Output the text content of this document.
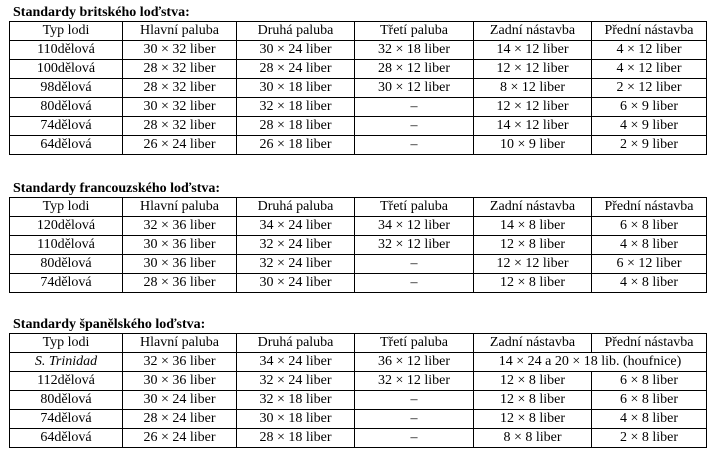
Standardy britského loďstva:
Typ lodi	Hlavní paluba	Druhá paluba	Třetí paluba	Zadní nástavba	Přední nástavba
110dělová	30 × 32 liber	30 × 24 liber	32 × 18 liber	14 × 12 liber	4 × 12 liber
100dělová	28 × 32 liber	28 × 24 liber	28 × 12 liber	12 × 12 liber	4 × 12 liber
98dělová	28 × 32 liber	30 × 18 liber	30 × 12 liber	8 × 12 liber	2 × 12 liber
80dělová	30 × 32 liber	32 × 18 liber	–	12 × 12 liber	6 × 9 liber
74dělová	28 × 32 liber	28 × 18 liber	–	14 × 12 liber	4 × 9 liber
64dělová	26 × 24 liber	26 × 18 liber	–	10 × 9 liber	2 × 9 liber
Standardy francouzského loďstva:
Typ lodi	Hlavní paluba	Druhá paluba	Třetí paluba	Zadní nástavba	Přední nástavba
120dělová	32 × 36 liber	34 × 24 liber	34 × 12 liber	14 × 8 liber	6 × 8 liber
110dělová	30 × 36 liber	32 × 24 liber	32 × 12 liber	12 × 8 liber	4 × 8 liber
80dělová	30 × 36 liber	32 × 24 liber	–	12 × 12 liber	6 × 12 liber
74dělová	28 × 36 liber	30 × 24 liber	–	12 × 8 liber	4 × 8 liber
Standardy španělského loďstva:
Typ lodi	Hlavní paluba	Druhá paluba	Třetí paluba	Zadní nástavba	Přední nástavba
S. Trinidad	32 × 36 liber	34 × 24 liber	36 × 12 liber	14 × 24 a 20 × 18 lib. (houfnice)	
112dělová	30 × 36 liber	32 × 24 liber	32 × 12 liber	12 × 8 liber	6 × 8 liber
80dělová	30 × 24 liber	32 × 18 liber	–	12 × 8 liber	6 × 8 liber
74dělová	28 × 24 liber	30 × 18 liber	–	12 × 8 liber	4 × 8 liber
64dělová	26 × 24 liber	28 × 18 liber	–	8 × 8 liber	2 × 8 liber
